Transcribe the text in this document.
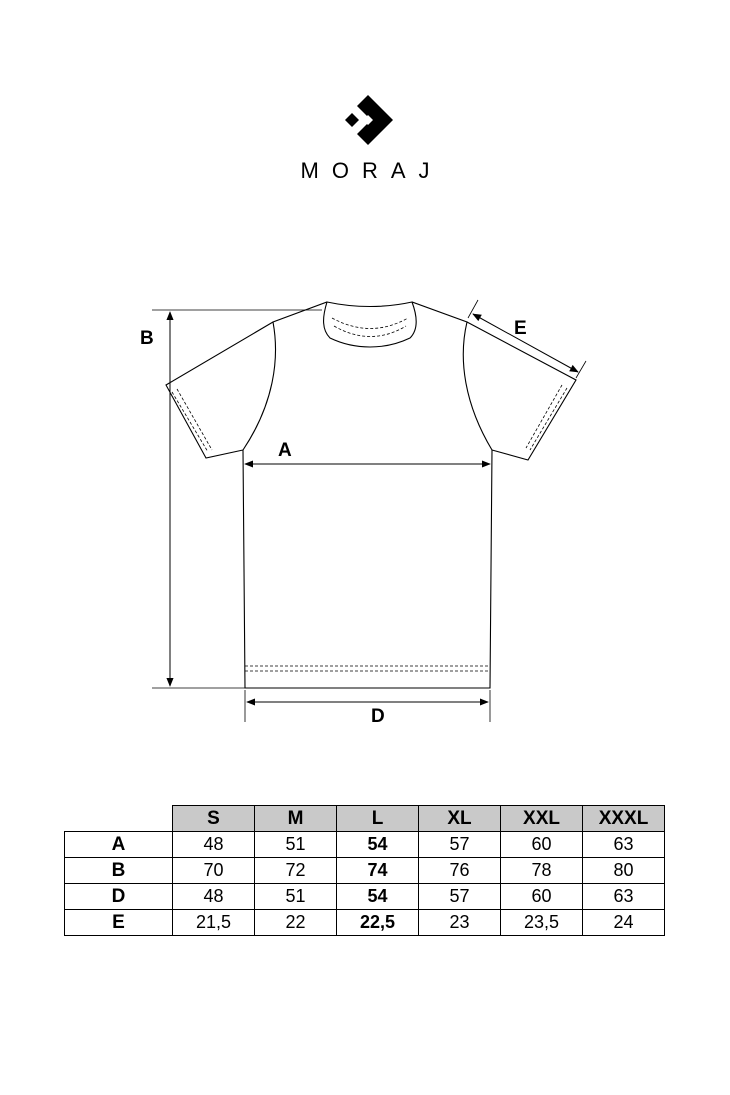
MORAJ
B
A
D
E
	S	M	L	XL	XXL	XXXL
A	48	51	54	57	60	63
B	70	72	74	76	78	80
D	48	51	54	57	60	63
E	21,5	22	22,5	23	23,5	24
